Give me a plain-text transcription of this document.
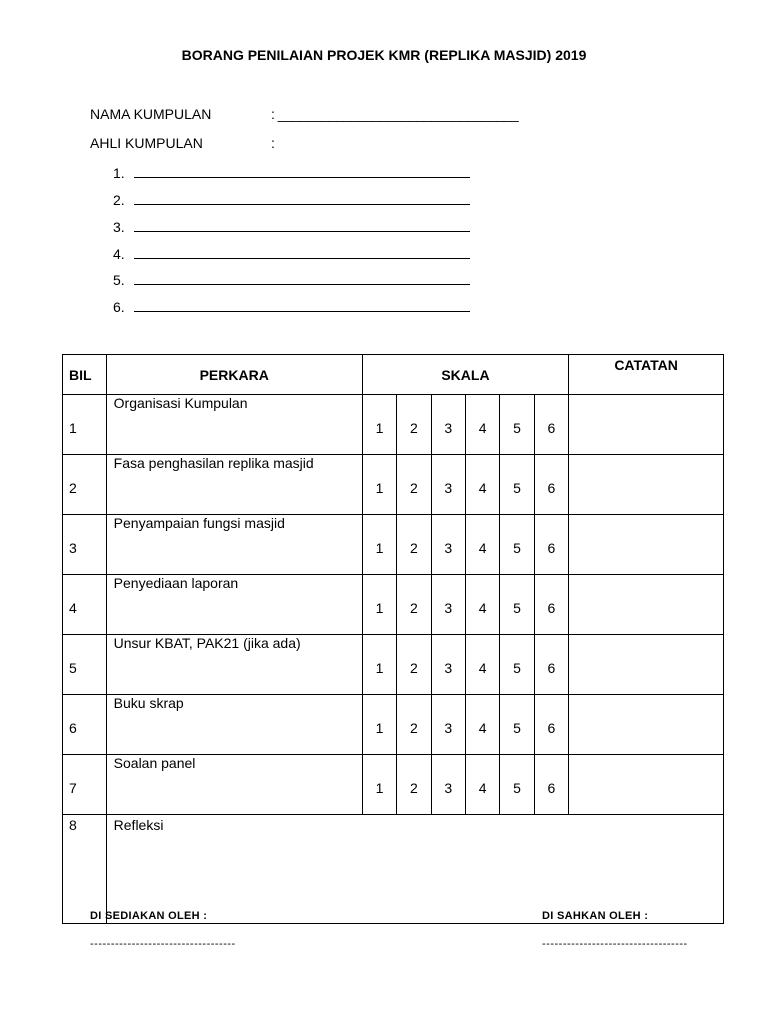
BORANG PENILAIAN PROJEK KMR (REPLIKA MASJID) 2019
NAMA KUMPULAN	: _________________________________
AHLI KUMPULAN	:
1.
2.
3.
4.
5.
6.
BIL	PERKARA	SKALA						CATATAN
1	Organisasi Kumpulan	1	2	3	4	5	6	
2	Fasa penghasilan replika masjid	1	2	3	4	5	6	
3	Penyampaian fungsi masjid	1	2	3	4	5	6	
4	Penyediaan laporan	1	2	3	4	5	6	
5	Unsur KBAT, PAK21 (jika ada)	1	2	3	4	5	6	
6	Buku skrap	1	2	3	4	5	6	
7	Soalan panel	1	2	3	4	5	6	
8	Refleksi							
DI SEDIAKAN OLEH :
-----------------------------------
DI SAHKAN OLEH :
-----------------------------------
